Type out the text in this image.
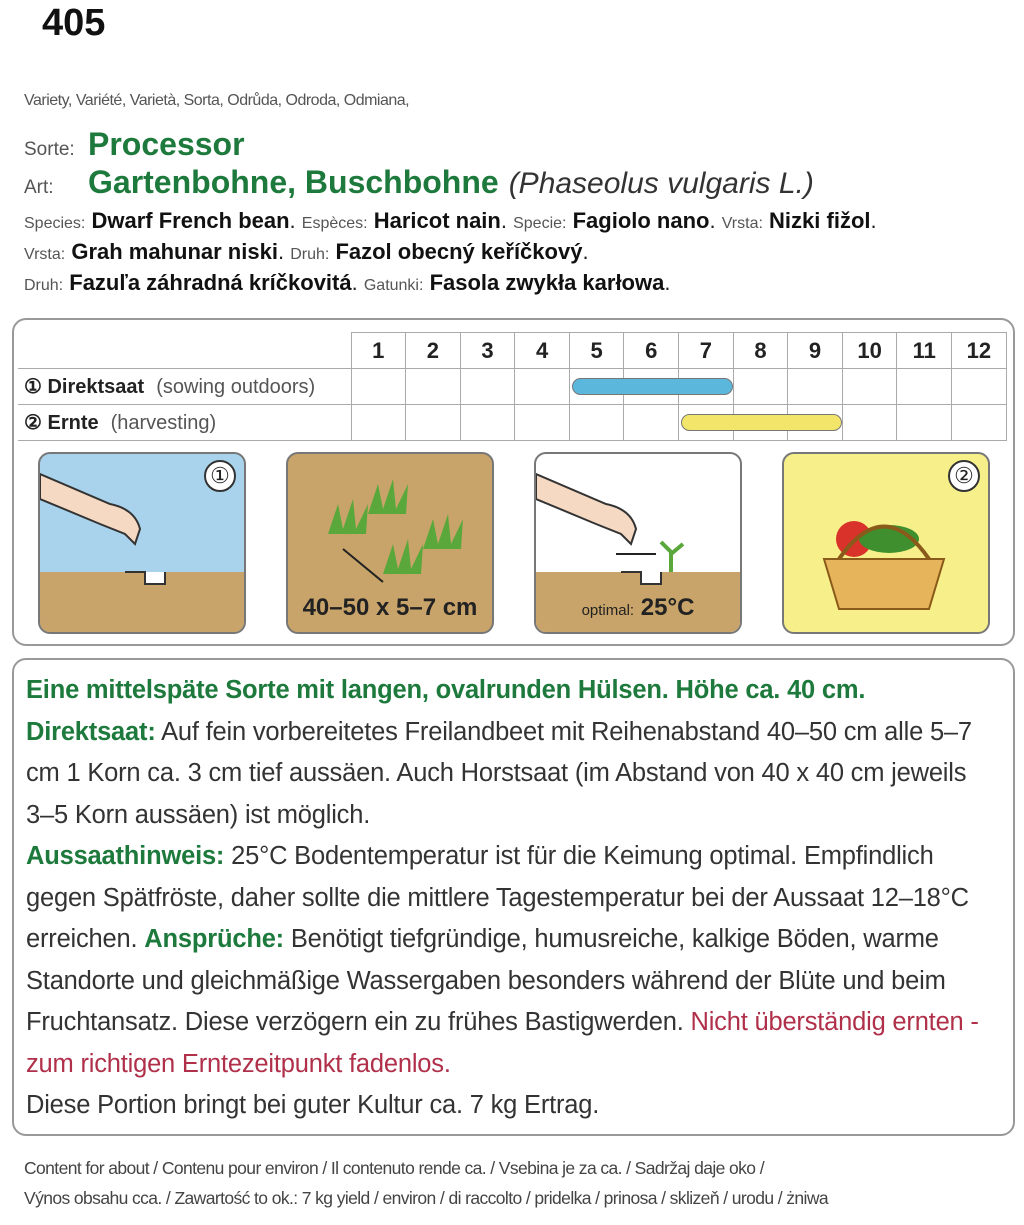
405
Variety, Variété, Varietà, Sorta, Odrůda, Odroda, Odmiana,
Sorte: Processor
Art:	Gartenbohne, Buschbohne (Phaseolus vulgaris L.)
Species: Dwarf French bean. Espèces: Haricot nain. Specie: Fagiolo nano. Vrsta: Nizki fižol.
Vrsta: Grah mahunar niski. Druh: Fazol obecný keříčkový.
Druh: Fazuľa záhradná kríčkovitá. Gatunki: Fasola zwykła karłowa.
	1	2	3	4	5	6	7	8	9	10	11	12
① Direktsaat (sowing outdoors)					

② Ernte (harvesting)							

①
40–50 x 5–7 cm	optimal: 25°C
②
Eine mittelspäte Sorte mit langen, ovalrunden Hülsen. Höhe ca. 40 cm.
Direktsaat: Auf fein vorbereitetes Freilandbeet mit Reihenabstand 40–50 cm alle 5–7 cm 1 Korn ca. 3 cm tief aussäen. Auch Horstsaat (im Abstand von 40 x 40 cm jeweils 3–5 Korn aussäen) ist möglich.
Aussaathinweis: 25°C Bodentemperatur ist für die Keimung optimal. Empfindlich gegen Spätfröste, daher sollte die mittlere Tagestemperatur bei der Aussaat 12–18°C erreichen. Ansprüche: Benötigt tiefgründige, humusreiche, kalkige Böden, warme Standorte und gleichmäßige Wassergaben besonders während der Blüte und beim Fruchtansatz. Diese verzögern ein zu frühes Bastigwerden. Nicht überständig ernten - zum richtigen Erntezeitpunkt fadenlos.
Diese Portion bringt bei guter Kultur ca. 7 kg Ertrag.
Content for about / Contenu pour environ / Il contenuto rende ca. / Vsebina je za ca. / Sadržaj daje oko /
Výnos obsahu cca. / Zawartość to ok.: 7 kg yield / environ / di raccolto / pridelka / prinosa / sklizeň / urodu / żniwa
